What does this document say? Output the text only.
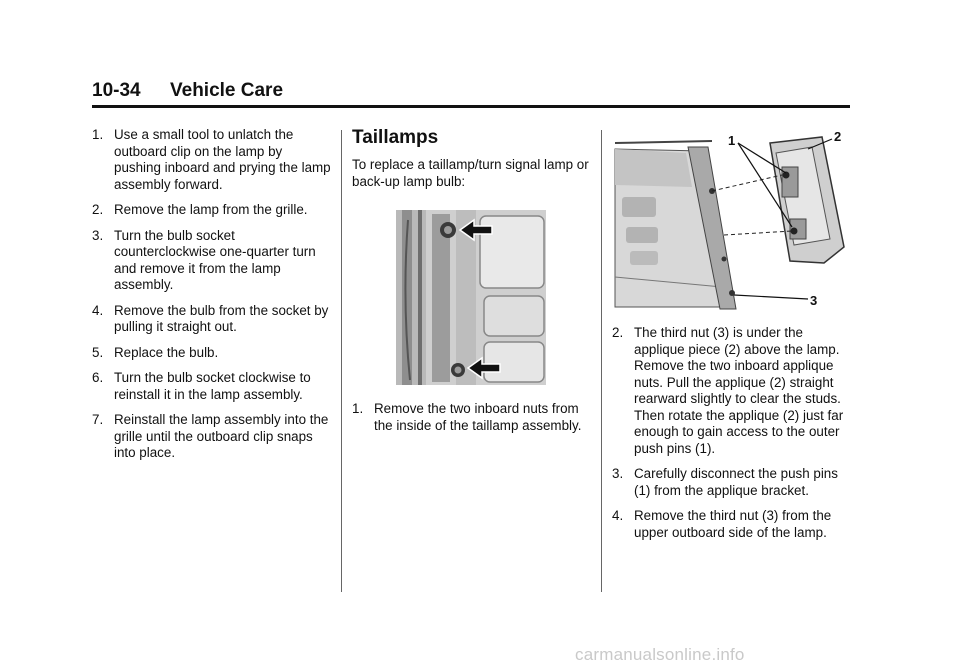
10-34 Vehicle Care
1. Use a small tool to unlatch the outboard clip on the lamp by pushing inboard and prying the lamp assembly forward.
2. Remove the lamp from the grille.
3. Turn the bulb socket counterclockwise one-quarter turn and remove it from the lamp assembly.
4. Remove the bulb from the socket by pulling it straight out.
5. Replace the bulb.
6. Turn the bulb socket clockwise to reinstall it in the lamp assembly.
7. Reinstall the lamp assembly into the grille until the outboard clip snaps into place.
Taillamps

To replace a taillamp/turn signal lamp or back-up lamp bulb:

1. Remove the two inboard nuts from the inside of the taillamp assembly.
1	2
3
2. The third nut (3) is under the applique piece (2) above the lamp. Remove the two inboard applique nuts. Pull the applique (2) straight rearward slightly to clear the studs. Then rotate the applique (2) just far enough to gain access to the outer push pins (1).
3. Carefully disconnect the push pins (1) from the applique bracket.
4. Remove the third nut (3) from the upper outboard side of the lamp.
carmanualsonline.info
